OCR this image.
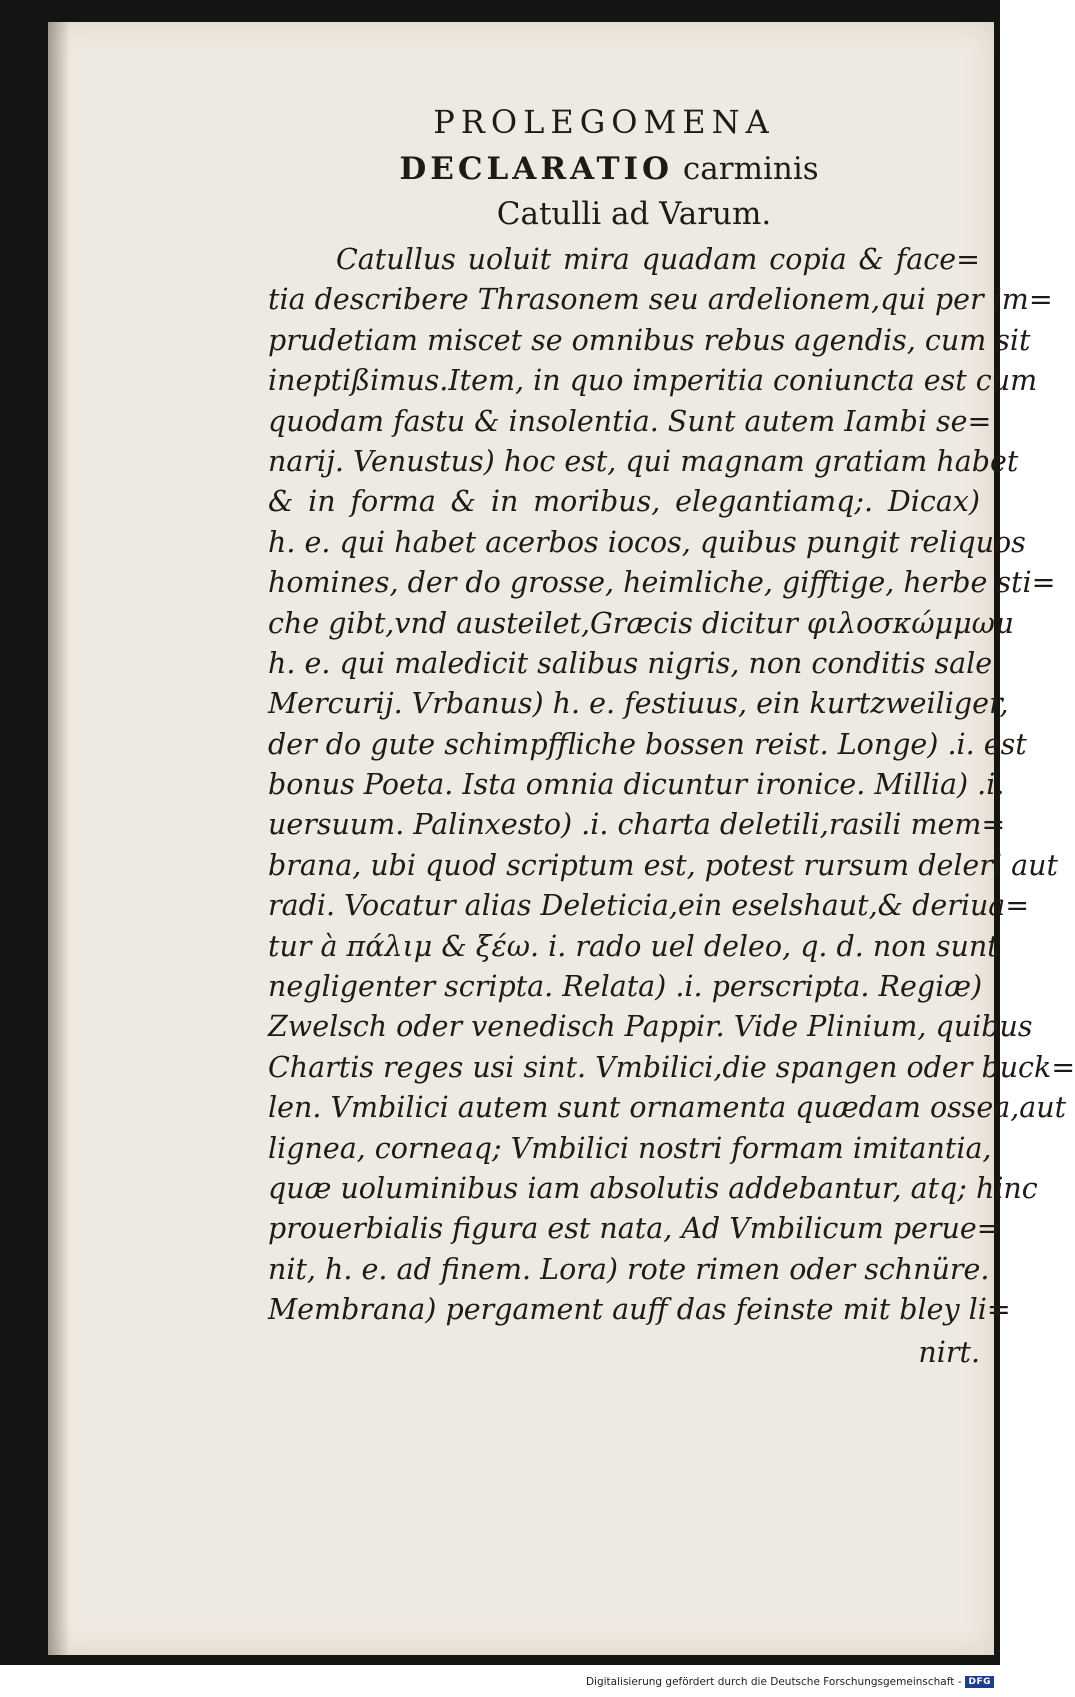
PROLEGOMENA
DECLARATIO carminis
Catulli ad Varum.
Catullus uoluit mira quadam copia & face=
tia describere Thrasonem seu ardelionem,qui per im=
prudetiam miscet se omnibus rebus agendis, cum sit
ineptißimus.Item, in quo imperitia coniuncta est cum
quodam fastu & insolentia. Sunt autem Iambi se=
narij. Venustus) hoc est, qui magnam gratiam habet
& in forma & in moribus, elegantiamq;. Dicax)
h. e. qui habet acerbos iocos, quibus pungit reliquos
homines, der do grosse, heimliche, gifftige, herbe sti=
che gibt,vnd austeilet,Græcis dicitur φιλοσκώμμωμ
h. e. qui maledicit salibus nigris, non conditis sale
Mercurij. Vrbanus) h. e. festiuus, ein kurtzweiliger,
der do gute schimpffliche bossen reist. Longe) .i. est
bonus Poeta. Ista omnia dicuntur ironice. Millia) .i.
uersuum. Palinxesto) .i. charta deletili,rasili mem=
brana, ubi quod scriptum est, potest rursum deleri aut
radi. Vocatur alias Deleticia,ein eselshaut,& deriua=
tur à πάλιμ & ξέω. i. rado uel deleo, q. d. non sunt
negligenter scripta. Relata) .i. perscripta. Regiæ)
Zwelsch oder venedisch Pappir. Vide Plinium, quibus
Chartis reges usi sint. Vmbilici,die spangen oder buck=
len. Vmbilici autem sunt ornamenta quædam ossea,aut
lignea, corneaq; Vmbilici nostri formam imitantia,
quæ uoluminibus iam absolutis addebantur, atq; hinc
prouerbialis figura est nata, Ad Vmbilicum perue=
nit, h. e. ad finem. Lora) rote rimen oder schnüre.
Membrana) pergament auff das feinste mit bley li=
nirt.
Digitalisierung gefördert durch die Deutsche Forschungsgemeinschaft - DFG
